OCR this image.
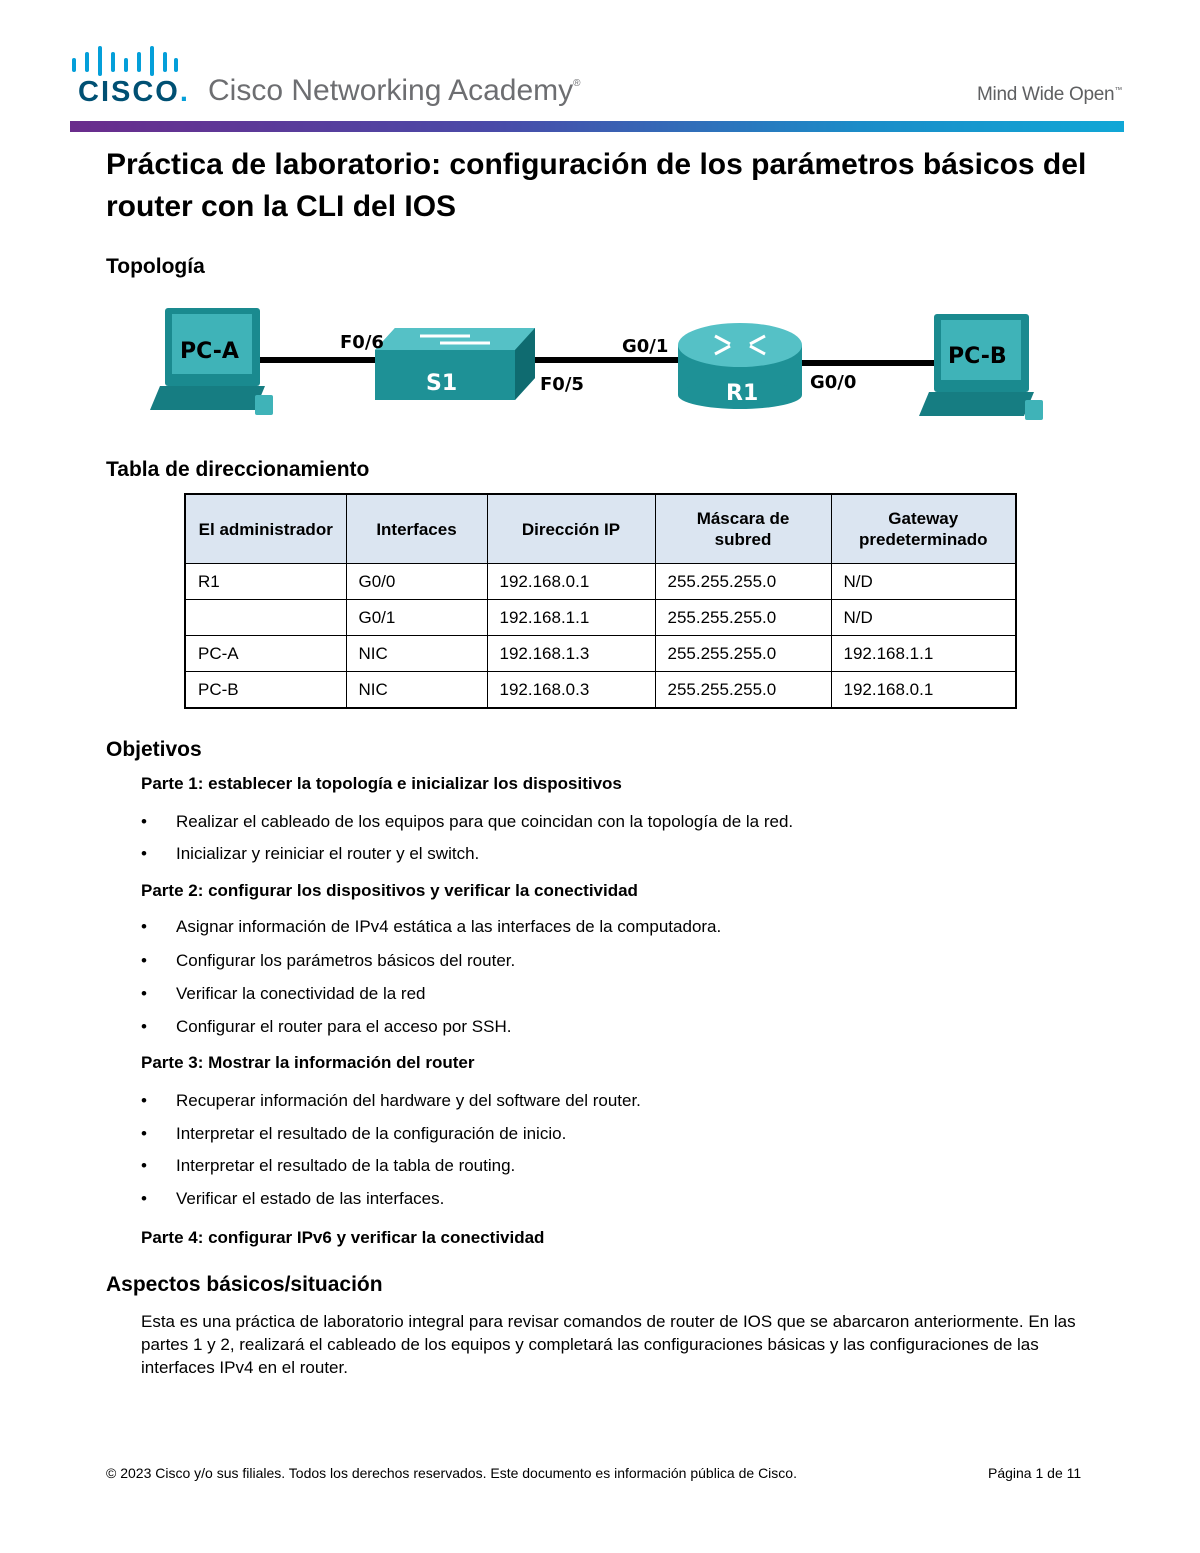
CISCO. Cisco Networking Academy®
Mind Wide Open™
Práctica de laboratorio: configuración de los parámetros básicos del router con la CLI del IOS
Topología
PC-A
S1	R1
PC-B
F0/6
F0/5
G0/1
G0/0
Tabla de direccionamiento
El administrador	Interfaces	Dirección IP	Máscara de subred	Gateway predeterminado
R1	G0/0	192.168.0.1	255.255.255.0	N/D
	G0/1	192.168.1.1	255.255.255.0	N/D
PC-A	NIC	192.168.1.3	255.255.255.0	192.168.1.1
PC-B	NIC	192.168.0.3	255.255.255.0	192.168.0.1
Objetivos
Parte 1: establecer la topología e inicializar los dispositivos
• Realizar el cableado de los equipos para que coincidan con la topología de la red.
• Inicializar y reiniciar el router y el switch.
Parte 2: configurar los dispositivos y verificar la conectividad
• Asignar información de IPv4 estática a las interfaces de la computadora.
• Configurar los parámetros básicos del router.
• Verificar la conectividad de la red
• Configurar el router para el acceso por SSH.
Parte 3: Mostrar la información del router
• Recuperar información del hardware y del software del router.
• Interpretar el resultado de la configuración de inicio.
• Interpretar el resultado de la tabla de routing.
• Verificar el estado de las interfaces.
Parte 4: configurar IPv6 y verificar la conectividad
Aspectos básicos/situación
Esta es una práctica de laboratorio integral para revisar comandos de router de IOS que se abarcaron anteriormente. En las partes 1 y 2, realizará el cableado de los equipos y completará las configuraciones básicas y las configuraciones de las interfaces IPv4 en el router.
© 2023 Cisco y/o sus filiales. Todos los derechos reservados. Este documento es información pública de Cisco.	Página 1 de 11
